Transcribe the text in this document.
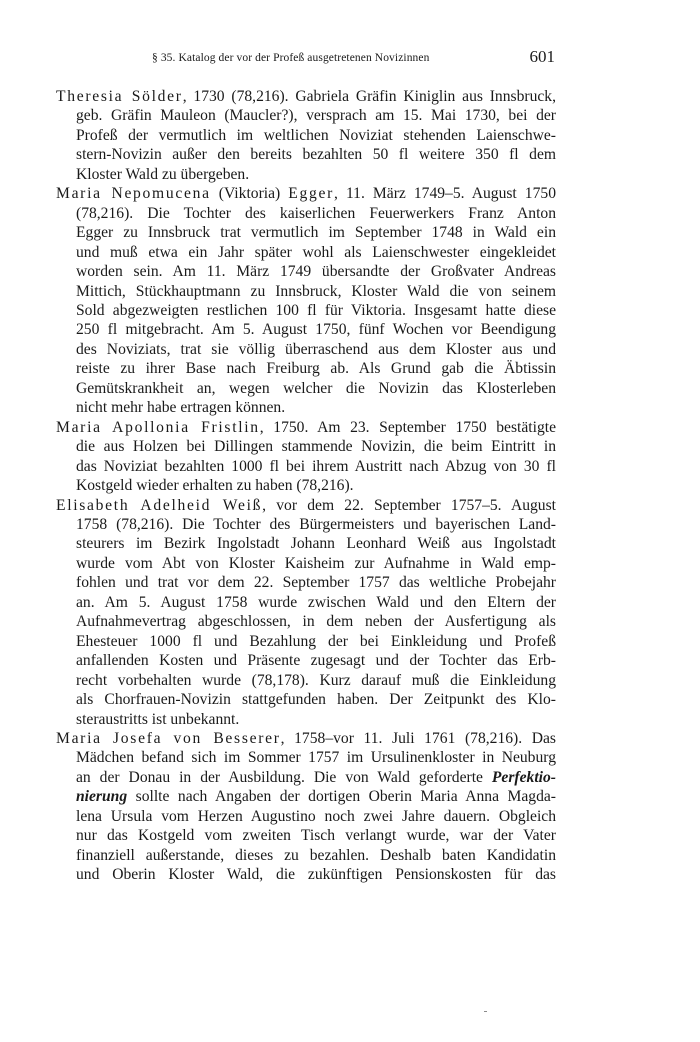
§ 35. Katalog der vor der Profeß ausgetretenen Novizinnen	601

Theresia Sölder, 1730 (78,216). Gabriela Gräfin Kiniglin aus Innsbruck,
geb. Gräfin Mauleon (Maucler?), versprach am 15. Mai 1730, bei der
Profeß der vermutlich im weltlichen Noviziat stehenden Laienschwe-
stern-Novizin außer den bereits bezahlten 50 fl weitere 350 fl dem
Kloster Wald zu übergeben.

Maria Nepomucena (Viktoria) Egger, 11. März 1749–5. August 1750
(78,216). Die Tochter des kaiserlichen Feuerwerkers Franz Anton
Egger zu Innsbruck trat vermutlich im September 1748 in Wald ein
und muß etwa ein Jahr später wohl als Laienschwester eingekleidet
worden sein. Am 11. März 1749 übersandte der Großvater Andreas
Mittich, Stückhauptmann zu Innsbruck, Kloster Wald die von seinem
Sold abgezweigten restlichen 100 fl für Viktoria. Insgesamt hatte diese
250 fl mitgebracht. Am 5. August 1750, fünf Wochen vor Beendigung
des Noviziats, trat sie völlig überraschend aus dem Kloster aus und
reiste zu ihrer Base nach Freiburg ab. Als Grund gab die Äbtissin
Gemütskrankheit an, wegen welcher die Novizin das Klosterleben
nicht mehr habe ertragen können.

Maria Apollonia Fristlin, 1750. Am 23. September 1750 bestätigte
die aus Holzen bei Dillingen stammende Novizin, die beim Eintritt in
das Noviziat bezahlten 1000 fl bei ihrem Austritt nach Abzug von 30 fl
Kostgeld wieder erhalten zu haben (78,216).

Elisabeth Adelheid Weiß, vor dem 22. September 1757–5. August
1758 (78,216). Die Tochter des Bürgermeisters und bayerischen Land-
steurers im Bezirk Ingolstadt Johann Leonhard Weiß aus Ingolstadt
wurde vom Abt von Kloster Kaisheim zur Aufnahme in Wald emp-
fohlen und trat vor dem 22. September 1757 das weltliche Probejahr
an. Am 5. August 1758 wurde zwischen Wald und den Eltern der
Aufnahmevertrag abgeschlossen, in dem neben der Ausfertigung als
Ehesteuer 1000 fl und Bezahlung der bei Einkleidung und Profeß
anfallenden Kosten und Präsente zugesagt und der Tochter das Erb-
recht vorbehalten wurde (78,178). Kurz darauf muß die Einkleidung
als Chorfrauen-Novizin stattgefunden haben. Der Zeitpunkt des Klo-
steraustritts ist unbekannt.

Maria Josefa von Besserer, 1758–vor 11. Juli 1761 (78,216). Das
Mädchen befand sich im Sommer 1757 im Ursulinenkloster in Neuburg
an der Donau in der Ausbildung. Die von Wald geforderte Perfektio-
nierung sollte nach Angaben der dortigen Oberin Maria Anna Magda-
lena Ursula vom Herzen Augustino noch zwei Jahre dauern. Obgleich
nur das Kostgeld vom zweiten Tisch verlangt wurde, war der Vater
finanziell außerstande, dieses zu bezahlen. Deshalb baten Kandidatin
und Oberin Kloster Wald, die zukünftigen Pensionskosten für das
